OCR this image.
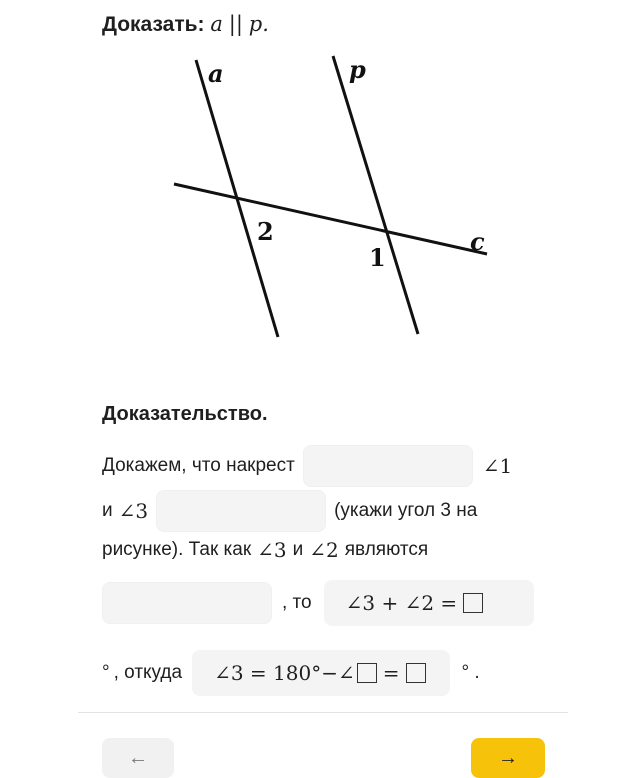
Доказать: a || p.
a	p
c
2
1
Доказательство.
Докажем, что накрест	∠1
и ∠3	(укажи угол 3 на
рисунке). Так как ∠3 и ∠2 являются
, то ∠3 + ∠2 =
° , откуда ∠3 = 180°−∠ =	° .
←	→
